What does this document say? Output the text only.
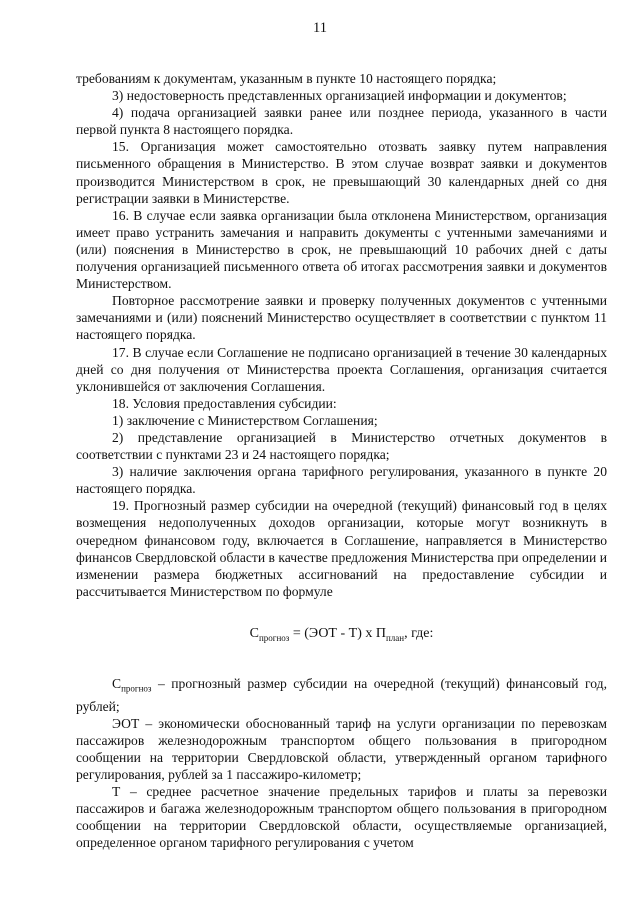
11

требованиям к документам, указанным в пункте 10 настоящего порядка;

3) недостоверность представленных организацией информации и документов;

4) подача организацией заявки ранее или позднее периода, указанного в части первой пункта 8 настоящего порядка.

15. Организация может самостоятельно отозвать заявку путем направления письменного обращения в Министерство. В этом случае возврат заявки и документов производится Министерством в срок, не превышающий 30 календарных дней со дня регистрации заявки в Министерстве.

16. В случае если заявка организации была отклонена Министерством, организация имеет право устранить замечания и направить документы с учтенными замечаниями и (или) пояснения в Министерство в срок, не превышающий 10 рабочих дней с даты получения организацией письменного ответа об итогах рассмотрения заявки и документов Министерством.

Повторное рассмотрение заявки и проверку полученных документов с учтенными замечаниями и (или) пояснений Министерство осуществляет в соответствии с пунктом 11 настоящего порядка.

17. В случае если Соглашение не подписано организацией в течение 30 календарных дней со дня получения от Министерства проекта Соглашения, организация считается уклонившейся от заключения Соглашения.

18. Условия предоставления субсидии:

1) заключение с Министерством Соглашения;

2) представление организацией в Министерство отчетных документов в соответствии с пунктами 23 и 24 настоящего порядка;

3) наличие заключения органа тарифного регулирования, указанного в пункте 20 настоящего порядка.

19. Прогнозный размер субсидии на очередной (текущий) финансовый год в целях возмещения недополученных доходов организации, которые могут возникнуть в очередном финансовом году, включается в Соглашение, направляется в Министерство финансов Свердловской области в качестве предложения Министерства при определении и изменении размера бюджетных ассигнований на предоставление субсидии и рассчитывается Министерством по формуле

$С_{прогноз} = (ЭОТ - Т)$ х $П_{план}$, где:

$С_{прогноз}$ – прогнозный размер субсидии на очередной (текущий) финансовый год, рублей;

ЭОТ – экономически обоснованный тариф на услуги организации по перевозкам пассажиров железнодорожным транспортом общего пользования в пригородном сообщении на территории Свердловской области, утвержденный органом тарифного регулирования, рублей за 1 пассажиро-километр;

Т – среднее расчетное значение предельных тарифов и платы за перевозки пассажиров и багажа железнодорожным транспортом общего пользования в пригородном сообщении на территории Свердловской области, осуществляемые организацией, определенное органом тарифного регулирования с учетом
